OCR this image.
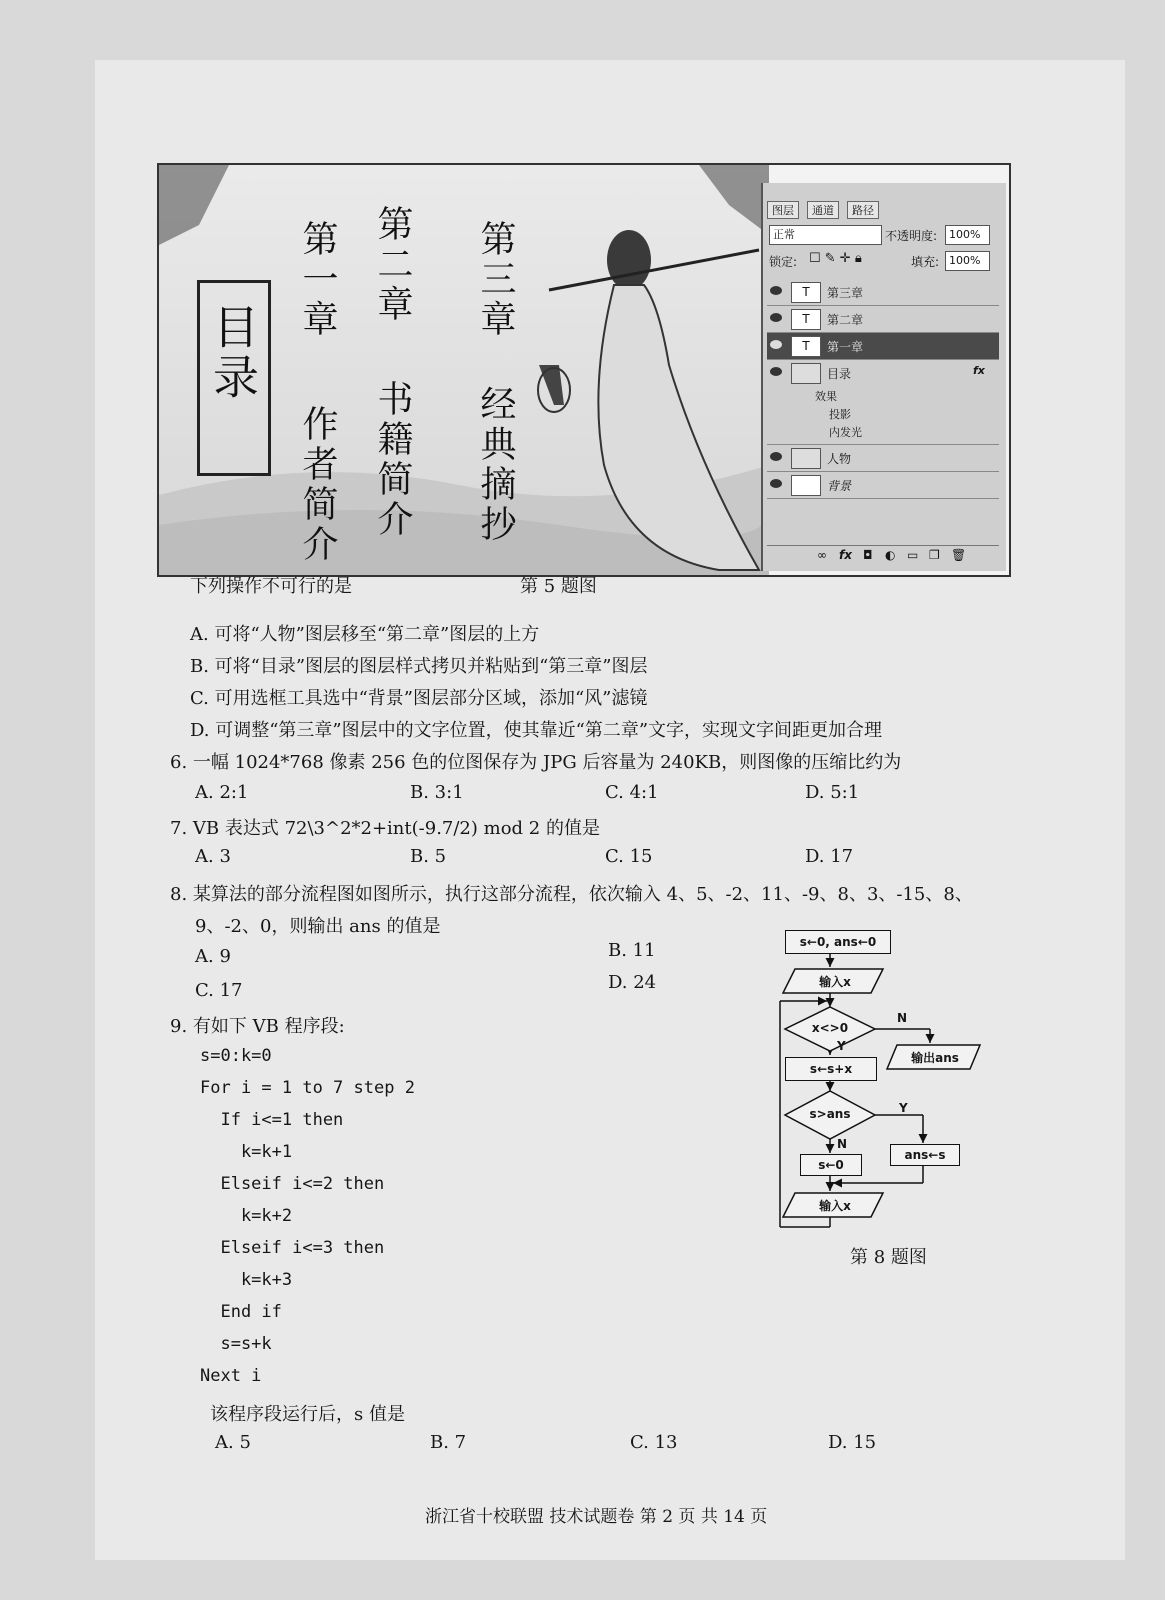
目录
第一章
作者简介
第二章
书籍简介
第三章
经典摘抄
图层	通道	路径
正常	不透明度:	100%
锁定: ☐ ✎ ✛ 🔒︎	填充: 100%
T	第三章
T	第二章
T	第一章
目录	fx
效果
投影
内发光
人物
背景
∞ fx ◘ ◐ ▭ ❐ 🗑︎
下列操作不可行的是	第 5 题图
A. 可将“人物”图层移至“第二章”图层的上方
B. 可将“目录”图层的图层样式拷贝并粘贴到“第三章”图层
C. 可用选框工具选中“背景”图层部分区域，添加“风”滤镜
D. 可调整“第三章”图层中的文字位置，使其靠近“第二章”文字，实现文字间距更加合理
6. 一幅 1024*768 像素 256 色的位图保存为 JPG 后容量为 240KB，则图像的压缩比约为
A. 2:1	B. 3:1	C. 4:1	D. 5:1
7. VB 表达式 72\3^2*2+int(-9.7/2) mod 2 的值是
A. 3	B. 5	C. 15	D. 17
8. 某算法的部分流程图如图所示，执行这部分流程，依次输入 4、5、-2、11、-9、8、3、-15、8、
9、-2、0，则输出 ans 的值是
A. 9	B. 11
C. 17	D. 24
s←0, ans←0
输入x
x<>0
N
Y
输出ans
s←s+x
s>ans	Y
N
ans←s
s←0
输入x
第 8 题图
9. 有如下 VB 程序段:
s=0:k=0
For i = 1 to 7 step 2
If i<=1 then
k=k+1
Elseif i<=2 then
k=k+2
Elseif i<=3 then
k=k+3
End if
s=s+k
Next i
该程序段运行后，s 值是
A. 5	B. 7	C. 13	D. 15
浙江省十校联盟 技术试题卷 第 2 页 共 14 页
